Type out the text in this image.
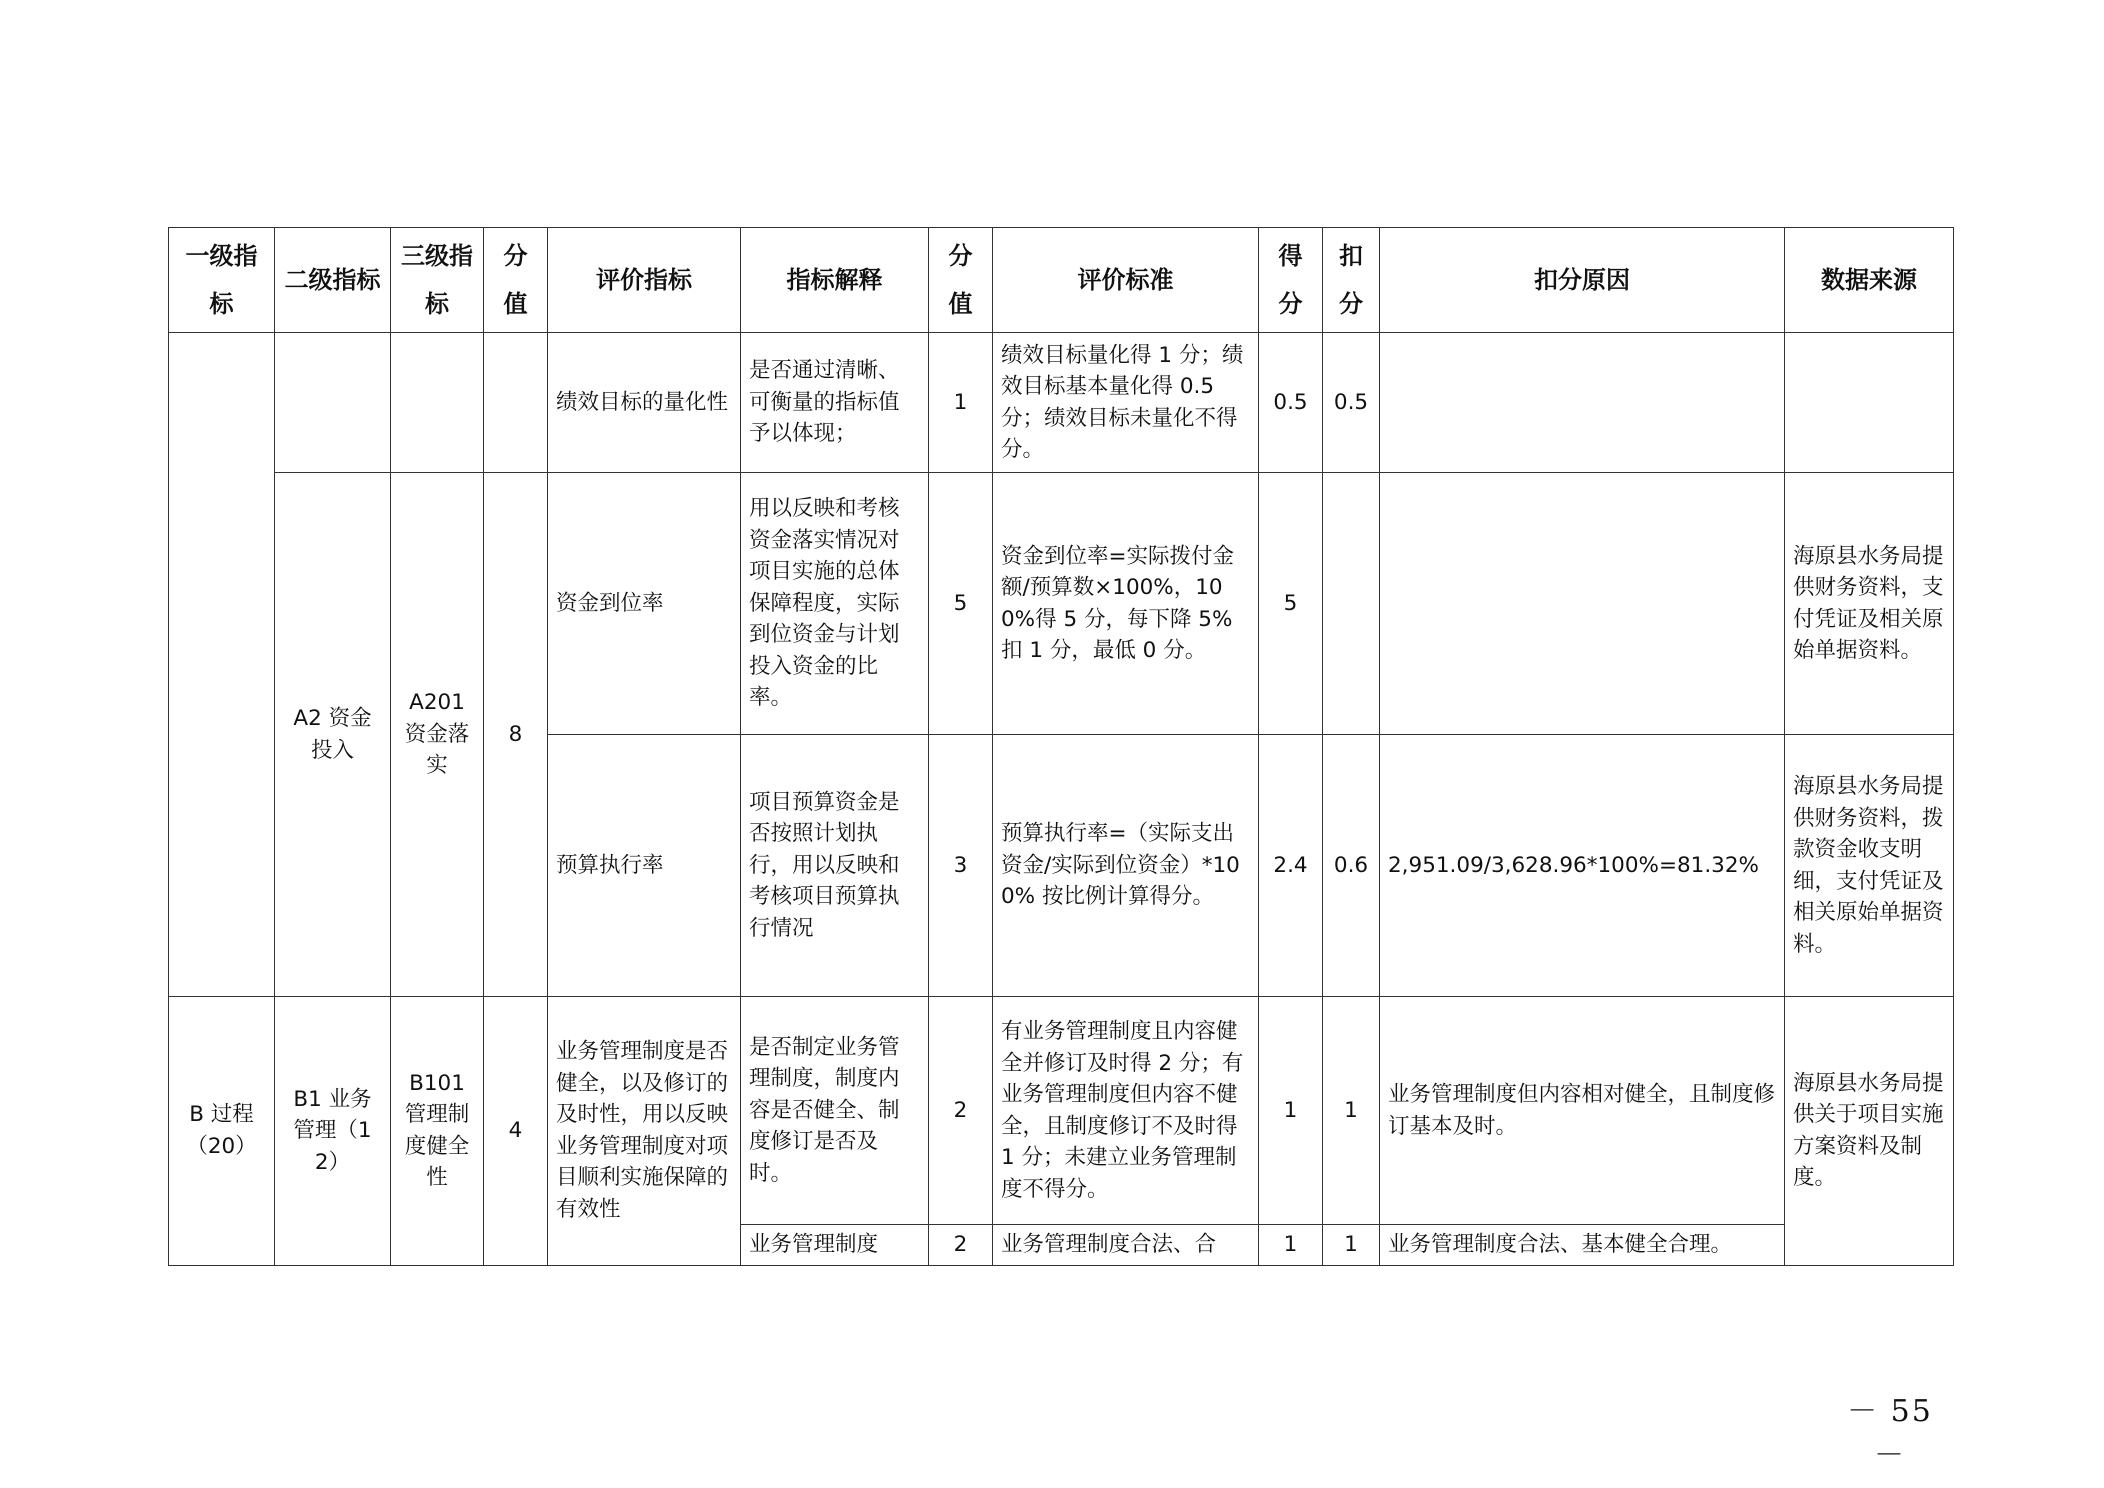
一级指标	二级指标	三级指标	分值	评价指标	指标解释	分值	评价标准	得分	扣分	扣分原因	数据来源
				绩效目标的量化性	是否通过清晰、可衡量的指标值予以体现；	1	绩效目标量化得 1 分；绩效目标基本量化得 0.5 分；绩效目标未量化不得分。	0.5	0.5		
	A2 资金投入	A201 资金落实	8	资金到位率	用以反映和考核资金落实情况对项目实施的总体保障程度，实际到位资金与计划投入资金的比率。	5	资金到位率=实际拨付金额/预算数×100%，100%得 5 分，每下降 5%扣 1 分，最低 0 分。	5			海原县水务局提供财务资料，支付凭证及相关原始单据资料。
				预算执行率	项目预算资金是否按照计划执行，用以反映和考核项目预算执行情况	3	预算执行率=（实际支出资金/实际到位资金）*100% 按比例计算得分。	2.4	0.6	2,951.09/3,628.96*100%=81.32%	海原县水务局提供财务资料，拨款资金收支明细，支付凭证及相关原始单据资料。
B 过程（20）	B1 业务管理（12）	B101 管理制度健全性	4	业务管理制度是否健全，以及修订的及时性，用以反映业务管理制度对项目顺利实施保障的有效性	是否制定业务管理制度，制度内容是否健全、制度修订是否及时。	2	有业务管理制度且内容健全并修订及时得 2 分；有业务管理制度但内容不健全，且制度修订不及时得 1 分；未建立业务管理制度不得分。	1	1	业务管理制度但内容相对健全，且制度修订基本及时。	海原县水务局提供关于项目实施方案资料及制度。
					业务管理制度	2	业务管理制度合法、合	1	1	业务管理制度合法、基本健全合理。	
－ 55 －
